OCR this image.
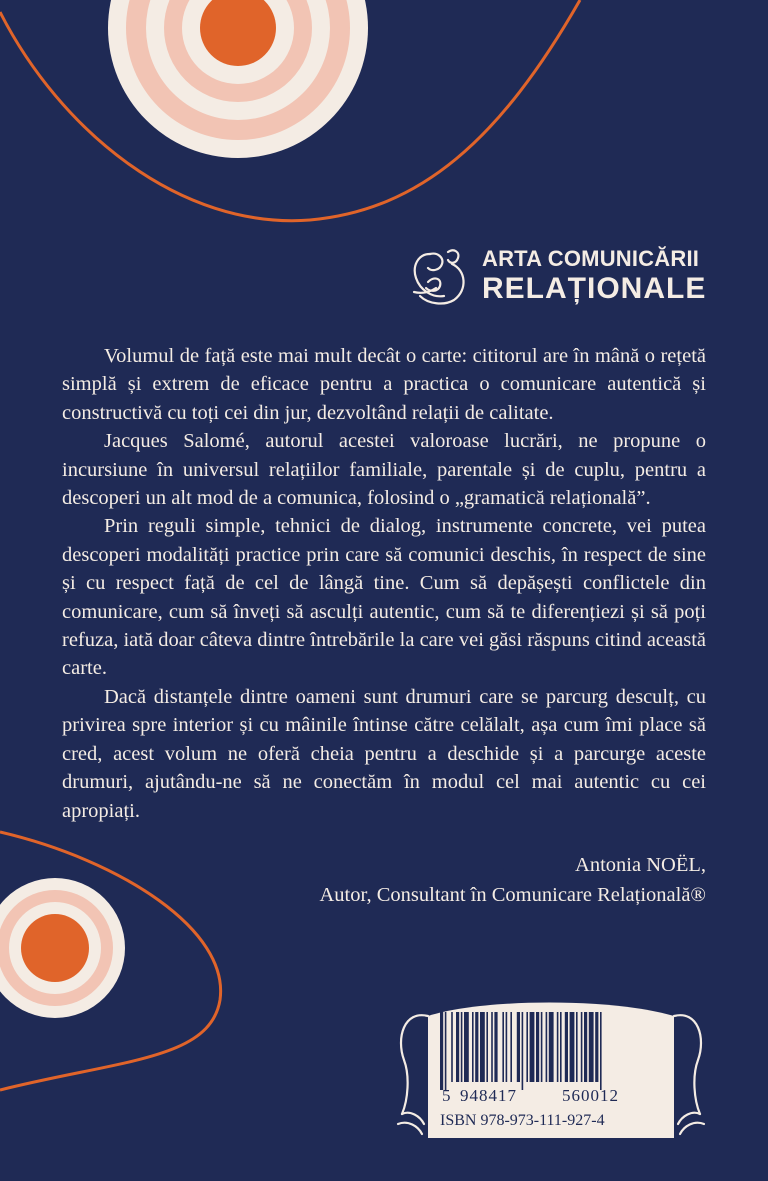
ARTA COMUNICĂRII
RELAȚIONALE

Volumul de față este mai mult decât o carte: cititorul are în mână o rețetă simplă și extrem de eficace pentru a practica o comunicare autentică și constructivă cu toți cei din jur, dezvoltând relații de calitate.

Jacques Salomé, autorul acestei valoroase lucrări, ne propune o incursiune în universul relațiilor familiale, parentale și de cuplu, pentru a descoperi un alt mod de a comunica, folosind o „gramatică relațională”.

Prin reguli simple, tehnici de dialog, instrumente concrete, vei putea descoperi modalități practice prin care să comunici deschis, în respect de sine și cu respect față de cel de lângă tine. Cum să depășești conflictele din comunicare, cum să înveți să asculți autentic, cum să te diferențiezi și să poți refuza, iată doar câteva dintre întrebările la care vei găsi răspuns citind această carte.

Dacă distanțele dintre oameni sunt drumuri care se parcurg desculț, cu privirea spre interior și cu mâinile întinse către celălalt, așa cum îmi place să cred, acest volum ne oferă cheia pentru a deschide și a parcurge aceste drumuri, ajutându-ne să ne conectăm în modul cel mai autentic cu cei apropiați.

Antonia NOËL,
Autor, Consultant în Comunicare Relațională®
5 948417	560012
ISBN 978-973-111-927-4
